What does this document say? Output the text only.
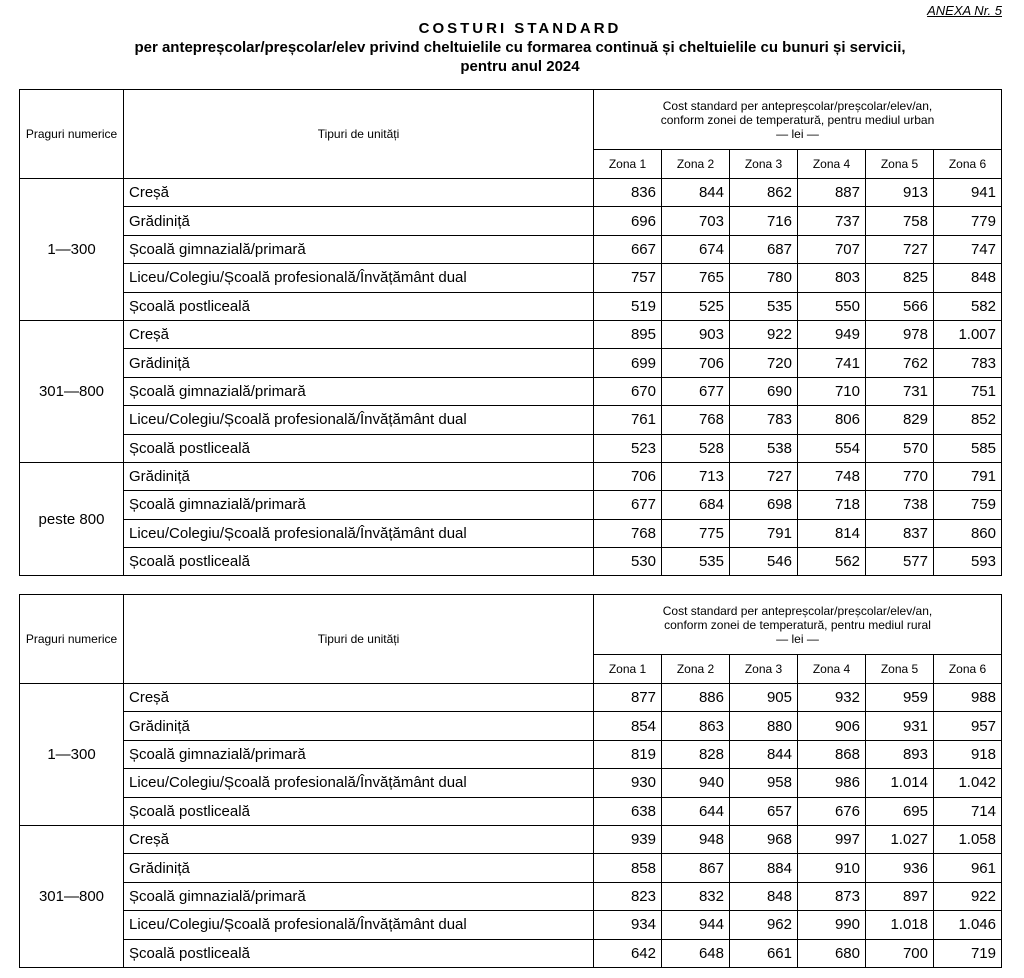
ANEXA Nr. 5
COSTURI STANDARD
per antepreșcolar/preșcolar/elev privind cheltuielile cu formarea continuă și cheltuielile cu bunuri și servicii,
pentru anul 2024
Praguri numerice	Tipuri de unități	Cost standard per antepreșcolar/preșcolar/elev/an,
conform zonei de temperatură, pentru mediul urban
— lei —					

		Zona 1	Zona 2	Zona 3	Zona 4	Zona 5	Zona 6
1—300	Creșă	836	844	862	887	913	941
	Grădiniță	696	703	716	737	758	779
	Școală gimnazială/primară	667	674	687	707	727	747
	Liceu/Colegiu/Școală profesională/Învățământ dual	757	765	780	803	825	848
	Școală postliceală	519	525	535	550	566	582
301—800	Creșă	895	903	922	949	978	1.007
	Grădiniță	699	706	720	741	762	783
	Școală gimnazială/primară	670	677	690	710	731	751
	Liceu/Colegiu/Școală profesională/Învățământ dual	761	768	783	806	829	852
	Școală postliceală	523	528	538	554	570	585
peste 800	Grădiniță	706	713	727	748	770	791
	Școală gimnazială/primară	677	684	698	718	738	759
	Liceu/Colegiu/Școală profesională/Învățământ dual	768	775	791	814	837	860
	Școală postliceală	530	535	546	562	577	593
Praguri numerice	Tipuri de unități	Cost standard per antepreșcolar/preșcolar/elev/an,
conform zonei de temperatură, pentru mediul rural
— lei —					

		Zona 1	Zona 2	Zona 3	Zona 4	Zona 5	Zona 6
1—300	Creșă	877	886	905	932	959	988
	Grădiniță	854	863	880	906	931	957
	Școală gimnazială/primară	819	828	844	868	893	918
	Liceu/Colegiu/Școală profesională/Învățământ dual	930	940	958	986	1.014	1.042
	Școală postliceală	638	644	657	676	695	714
301—800	Creșă	939	948	968	997	1.027	1.058
	Grădiniță	858	867	884	910	936	961
	Școală gimnazială/primară	823	832	848	873	897	922
	Liceu/Colegiu/Școală profesională/Învățământ dual	934	944	962	990	1.018	1.046
	Școală postliceală	642	648	661	680	700	719
